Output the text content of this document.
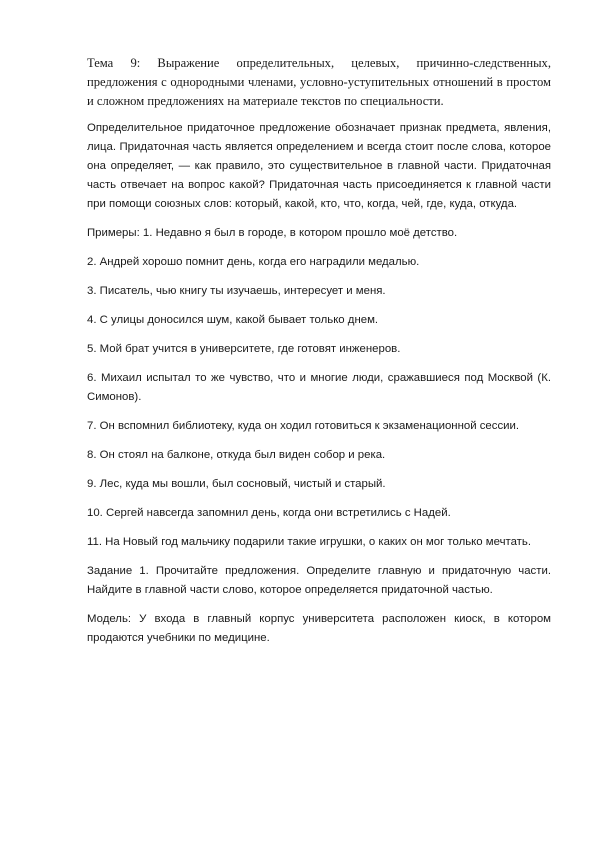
Тема 9: Выражение определительных, целевых, причинно-следственных, предложения с однородными членами, условно-уступительных отношений в простом и сложном предложениях на материале текстов по специальности.

Определительное придаточное предложение обозначает признак предмета, явления, лица. Придаточная часть является определением и всегда стоит после слова, которое она определяет, — как правило, это существительное в главной части. Придаточная часть отвечает на вопрос какой? Придаточная часть присоединяется к главной части при помощи союзных слов: который, какой, кто, что, когда, чей, где, куда, откуда.

Примеры: 1. Недавно я был в городе, в котором прошло моё детство.

2. Андрей хорошо помнит день, когда его наградили медалью.

3. Писатель, чью книгу ты изучаешь, интересует и меня.

4. С улицы доносился шум, какой бывает только днем.

5. Мой брат учится в университете, где готовят инженеров.

6. Михаил испытал то же чувство, что и многие люди, сражавшиеся под Москвой (К. Симонов).

7. Он вспомнил библиотеку, куда он ходил готовиться к экзаменационной сессии.

8. Он стоял на балконе, откуда был виден собор и река.

9. Лес, куда мы вошли, был сосновый, чистый и старый.

10. Сергей навсегда запомнил день, когда они встретились с Надей.

11. На Новый год мальчику подарили такие игрушки, о каких он мог только мечтать.

Задание 1. Прочитайте предложения. Определите главную и придаточную части. Найдите в главной части слово, которое определяется придаточной частью.

Модель: У входа в главный корпус университета расположен киоск, в котором продаются учебники по медицине.
